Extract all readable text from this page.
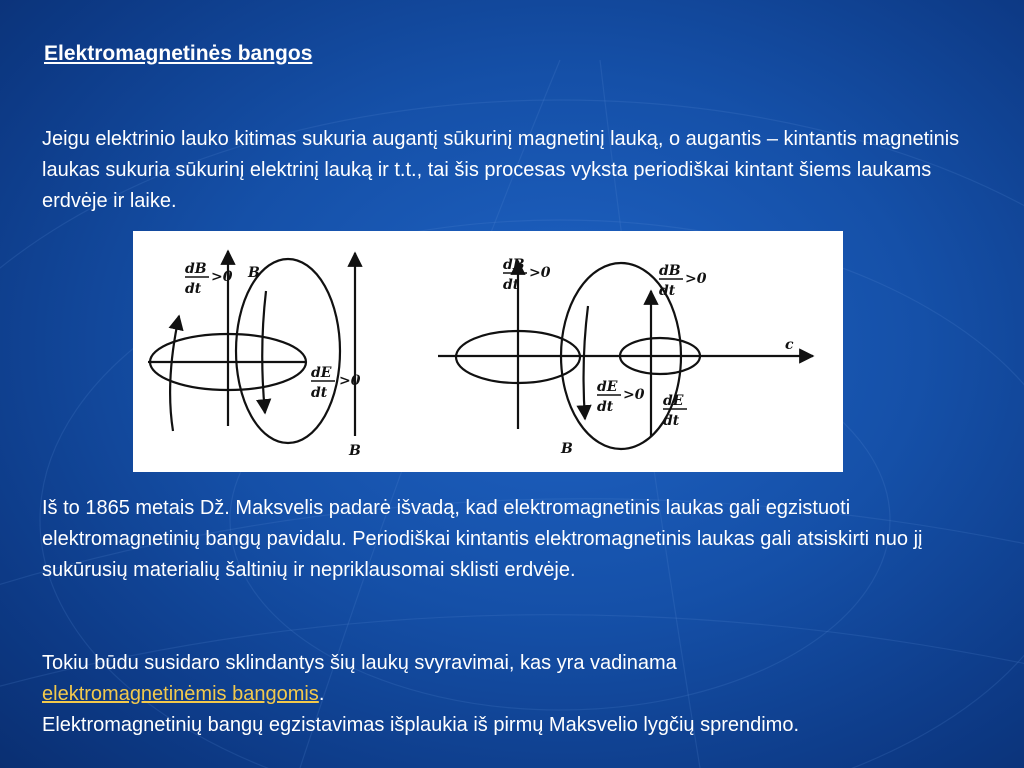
Elektromagnetinės bangos

Jeigu elektrinio lauko kitimas sukuria augantį sūkurinį magnetinį lauką, o augantis – kintantis magnetinis laukas sukuria sūkurinį elektrinį lauką ir t.t., tai šis procesas vyksta periodiškai kintant šiems laukams erdvėje ir laike.

dB
dt
>0 B
dE
dt
>0
B
dB
dt
>0	dB
dt
>0
c
dE
dt
>0 dE
dt
B

Iš to 1865 metais Dž. Maksvelis padarė išvadą, kad elektromagnetinis laukas gali egzistuoti elektromagnetinių bangų pavidalu. Periodiškai kintantis elektromagnetinis laukas gali atsiskirti nuo jį sukūrusių materialių šaltinių ir nepriklausomai sklisti erdvėje.

Tokiu būdu susidaro sklindantys šių laukų svyravimai, kas yra vadinama
elektromagnetinėmis bangomis.
Elektromagnetinių bangų egzistavimas išplaukia iš pirmų Maksvelio lygčių sprendimo.
